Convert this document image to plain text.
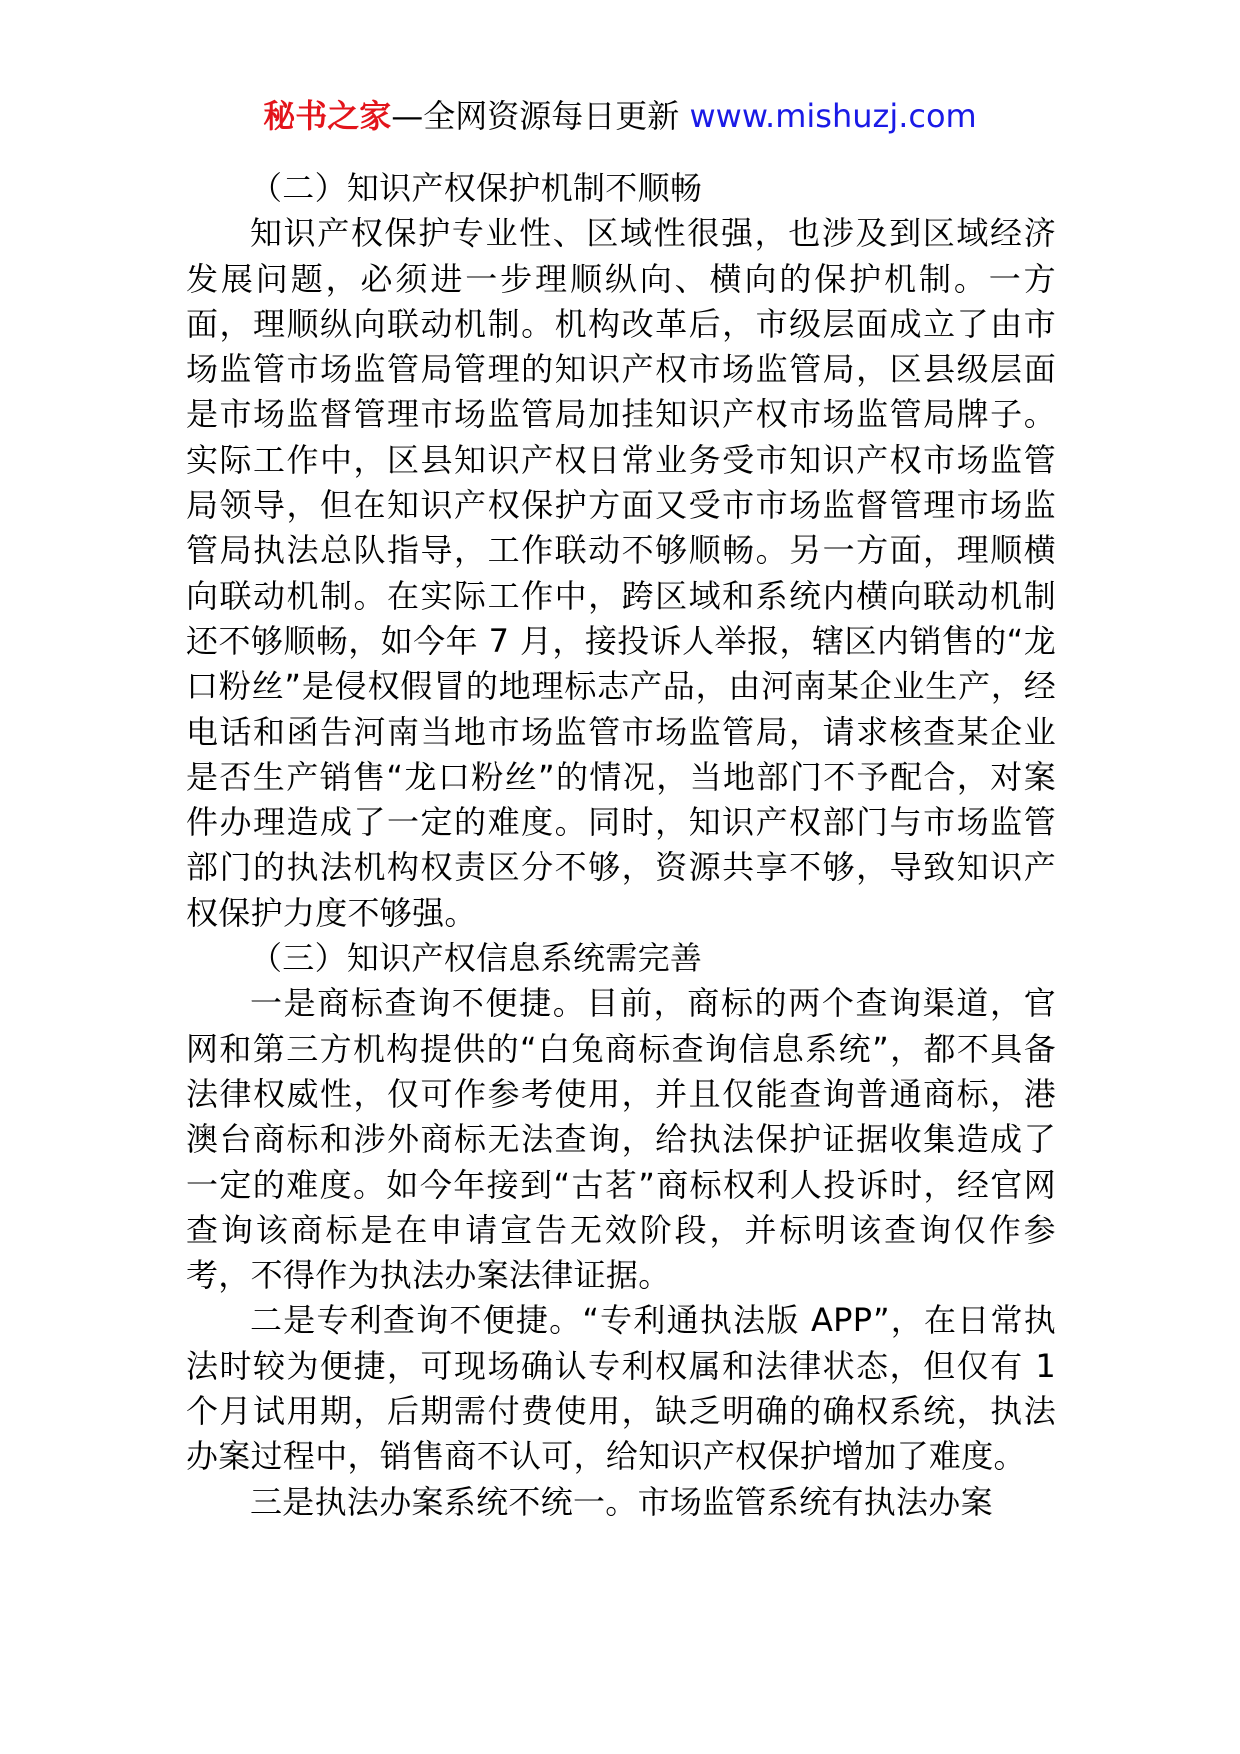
秘书之家—全网资源每日更新 www.mishuzj.com

（二）知识产权保护机制不顺畅

知识产权保护专业性、区域性很强，也涉及到区域经济发展问题，必须进一步理顺纵向、横向的保护机制。一方面，理顺纵向联动机制。机构改革后，市级层面成立了由市场监管市场监管局管理的知识产权市场监管局，区县级层面是市场监督管理市场监管局加挂知识产权市场监管局牌子。实际工作中，区县知识产权日常业务受市知识产权市场监管局领导，但在知识产权保护方面又受市市场监督管理市场监管局执法总队指导，工作联动不够顺畅。另一方面，理顺横向联动机制。在实际工作中，跨区域和系统内横向联动机制还不够顺畅，如今年 7 月，接投诉人举报，辖区内销售的“龙口粉丝”是侵权假冒的地理标志产品，由河南某企业生产，经电话和函告河南当地市场监管市场监管局，请求核查某企业是否生产销售“龙口粉丝”的情况，当地部门不予配合，对案件办理造成了一定的难度。同时，知识产权部门与市场监管部门的执法机构权责区分不够，资源共享不够，导致知识产权保护力度不够强。

（三）知识产权信息系统需完善

一是商标查询不便捷。目前，商标的两个查询渠道，官网和第三方机构提供的“白兔商标查询信息系统”，都不具备法律权威性，仅可作参考使用，并且仅能查询普通商标，港澳台商标和涉外商标无法查询，给执法保护证据收集造成了一定的难度。如今年接到“古茗”商标权利人投诉时，经官网查询该商标是在申请宣告无效阶段，并标明该查询仅作参考，不得作为执法办案法律证据。

二是专利查询不便捷。“专利通执法版 APP”，在日常执法时较为便捷，可现场确认专利权属和法律状态，但仅有 1 个月试用期，后期需付费使用，缺乏明确的确权系统，执法办案过程中，销售商不认可，给知识产权保护增加了难度。

三是执法办案系统不统一。市场监管系统有执法办案
